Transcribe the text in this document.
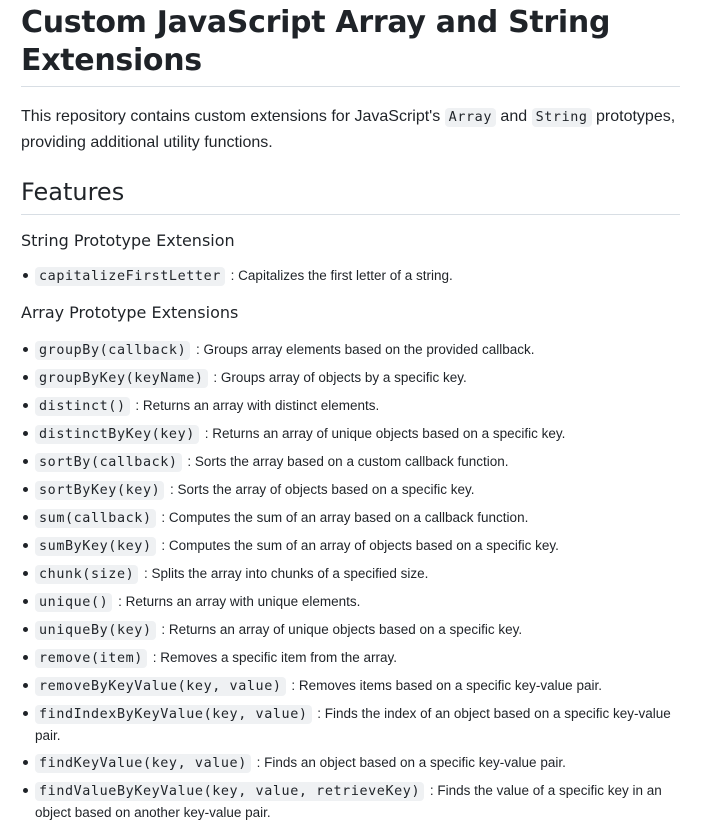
Custom JavaScript Array and String Extensions

This repository contains custom extensions for JavaScript's Array and String prototypes, providing additional utility functions.

Features
String Prototype Extension
capitalizeFirstLetter : Capitalizes the first letter of a string.
Array Prototype Extensions
groupBy(callback) : Groups array elements based on the provided callback.
groupByKey(keyName) : Groups array of objects by a specific key.
distinct() : Returns an array with distinct elements.
distinctByKey(key) : Returns an array of unique objects based on a specific key.
sortBy(callback) : Sorts the array based on a custom callback function.
sortByKey(key) : Sorts the array of objects based on a specific key.
sum(callback) : Computes the sum of an array based on a callback function.
sumByKey(key) : Computes the sum of an array of objects based on a specific key.
chunk(size) : Splits the array into chunks of a specified size.
unique() : Returns an array with unique elements.
uniqueBy(key) : Returns an array of unique objects based on a specific key.
remove(item) : Removes a specific item from the array.
removeByKeyValue(key, value) : Removes items based on a specific key-value pair.
findIndexByKeyValue(key, value) : Finds the index of an object based on a specific key-value pair.
findKeyValue(key, value) : Finds an object based on a specific key-value pair.
findValueByKeyValue(key, value, retrieveKey) : Finds the value of a specific key in an object based on another key-value pair.
